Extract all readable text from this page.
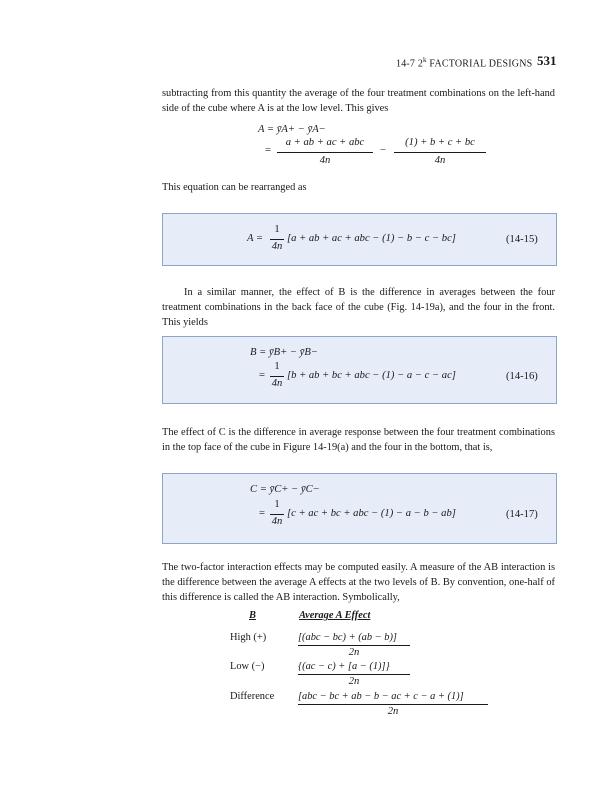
14-7 2$^k$ FACTORIAL DESIGNS 531
subtracting from this quantity the average of the four treatment combinations on the left-hand side of the cube where A is at the low level. This gives
A = ȳA+ − ȳA−
=
a + ab + ac + abc
4n
−
(1) + b + c + bc
4n
This equation can be rearranged as
A =
1
4n
[a + ab + ac + abc − (1) − b − c − bc]	(14-15)
In a similar manner, the effect of B is the difference in averages between the four treatment combinations in the back face of the cube (Fig. 14-19a), and the four in the front. This yields
B = ȳB+ − ȳB−
=
1
4n
[b + ab + bc + abc − (1) − a − c − ac]	(14-16)
The effect of C is the difference in average response between the four treatment combinations in the top face of the cube in Figure 14-19(a) and the four in the bottom, that is,
C = ȳC+ − ȳC−
=
1
4n
[c + ac + bc + abc − (1) − a − b − ab]	(14-17)
The two-factor interaction effects may be computed easily. A measure of the AB interaction is the difference between the average A effects at the two levels of B. By convention, one-half of this difference is called the AB interaction. Symbolically,
B	Average A Effect
High (+)	[(abc − bc) + (ab − b)]
2n
Low (−)	{(ac − c) + [a − (1)]}
2n
Difference [abc − bc + ab − b − ac + c − a + (1)]
2n
